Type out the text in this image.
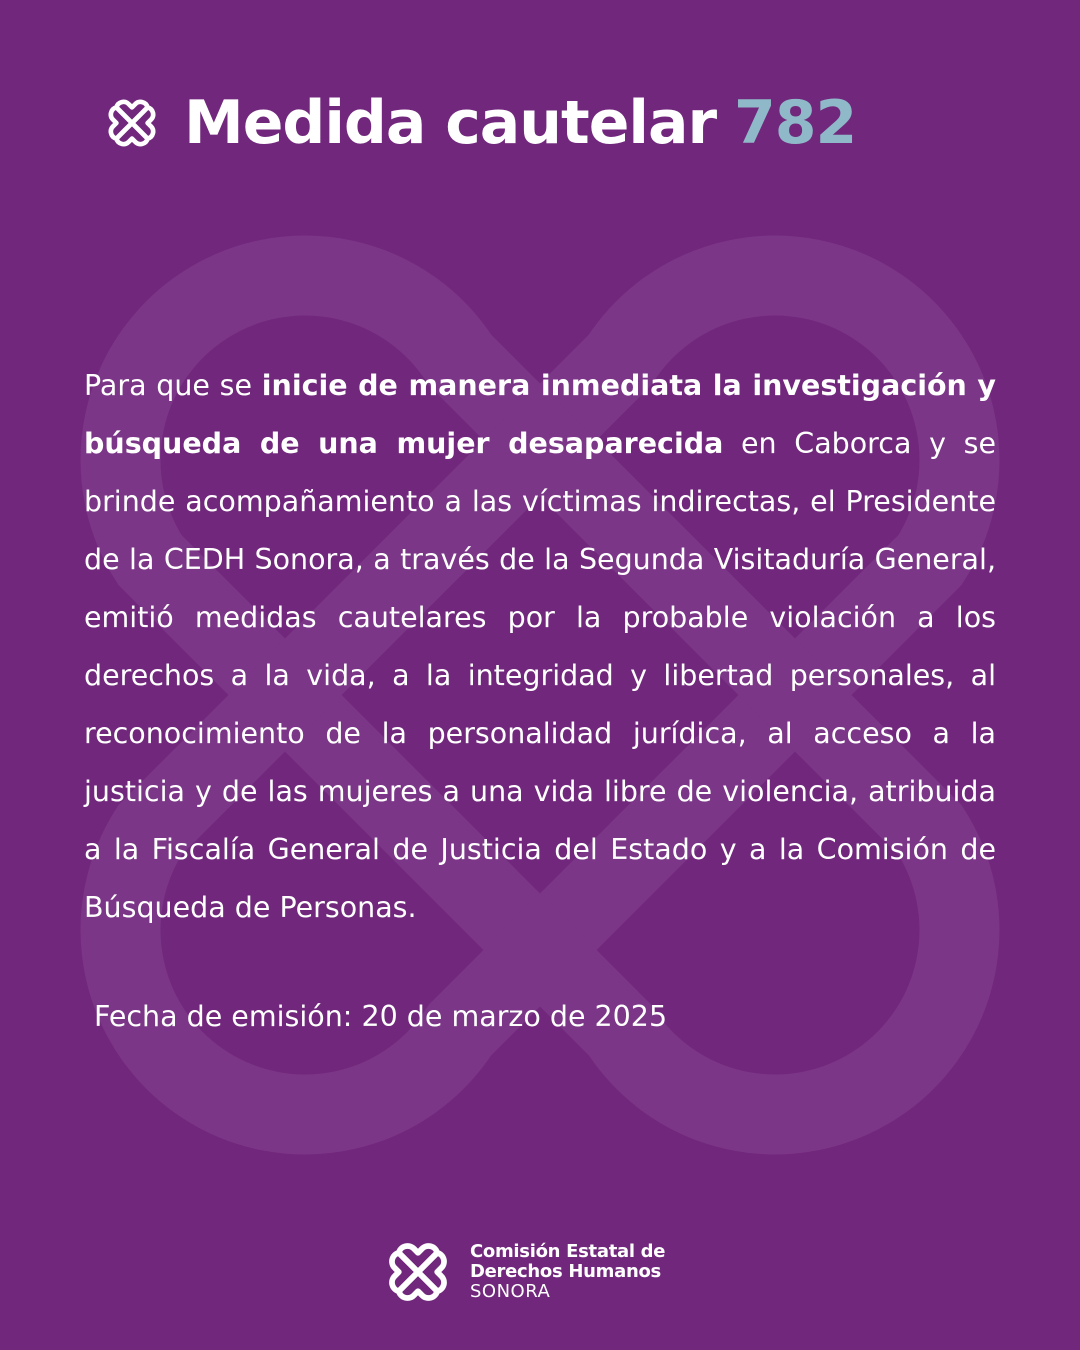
Medida cautelar 782

Para que se inicie de manera inmediata la investigación y búsqueda de una mujer desaparecida en Caborca y se brinde acompañamiento a las víctimas indirectas, el Presidente de la CEDH Sonora, a través de la Segunda Visitaduría General, emitió medidas cautelares por la probable violación a los derechos a la vida, a la integridad y libertad personales, al reconocimiento de la personalidad jurídica, al acceso a la justicia y de las mujeres a una vida libre de violencia, atribuida a la Fiscalía General de Justicia del Estado y a la Comisión de Búsqueda de Personas.

Fecha de emisión: 20 de marzo de 2025
Comisión Estatal de
Derechos Humanos
SONORA
